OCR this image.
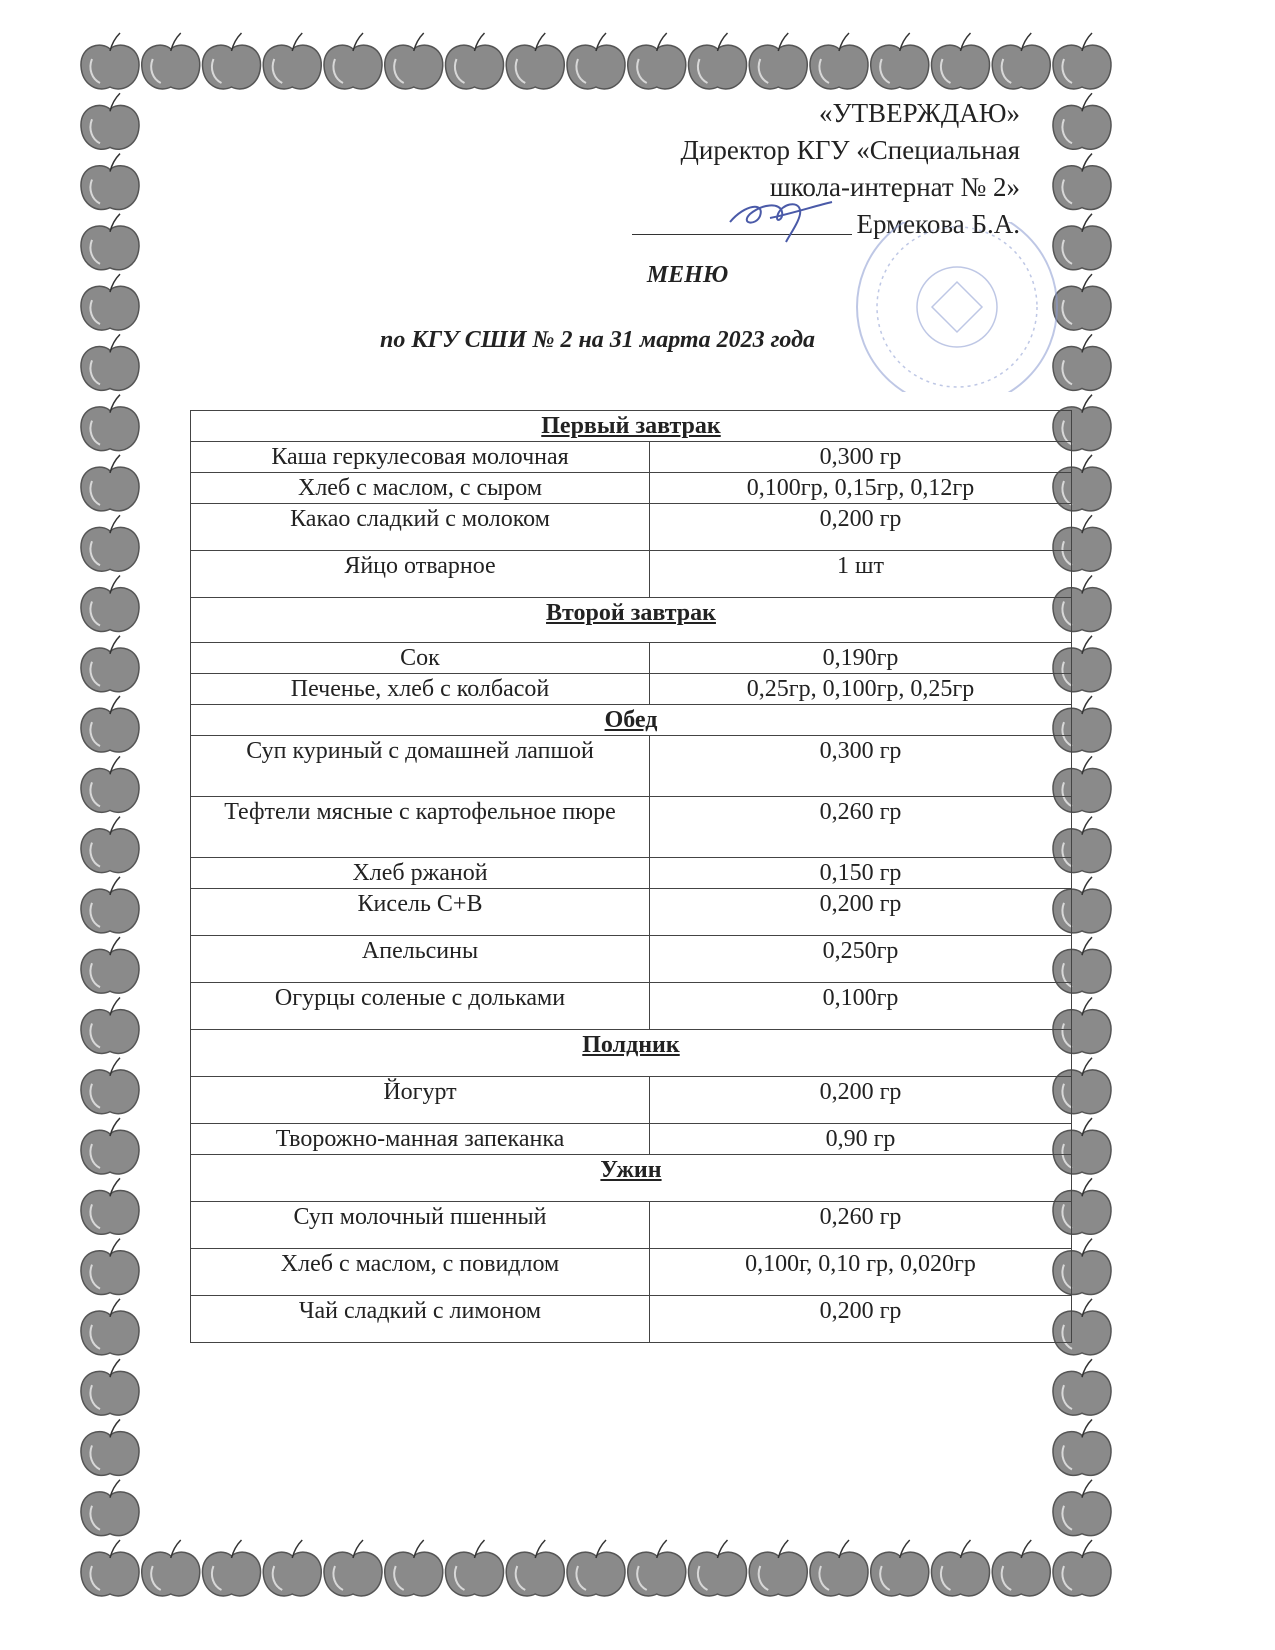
«УТВЕРЖДАЮ»
Директор КГУ «Специальная
школа-интернат № 2»
Ермекова Б.А.
МЕНЮ
по КГУ СШИ № 2 на 31 марта 2023 года
Первый завтрак	
Каша геркулесовая молочная	0,300 гр
Хлеб с маслом, с сыром	0,100гр, 0,15гр, 0,12гр
Какао сладкий с молоком	0,200 гр
Яйцо отварное	1 шт
Второй завтрак	
Сок	0,190гр
Печенье, хлеб с колбасой	0,25гр, 0,100гр, 0,25гр
Обед	
Суп куриный с домашней лапшой	0,300 гр
Тефтели мясные с картофельное пюре	0,260 гр
Хлеб ржаной	0,150 гр
Кисель С+В	0,200 гр
Апельсины	0,250гр
Огурцы соленые с дольками	0,100гр
Полдник	
Йогурт	0,200 гр
Творожно-манная запеканка	0,90 гр
Ужин	
Суп молочный пшенный	0,260 гр
Хлеб с маслом, с повидлом	0,100г, 0,10 гр, 0,020гр
Чай сладкий с лимоном	0,200 гр
